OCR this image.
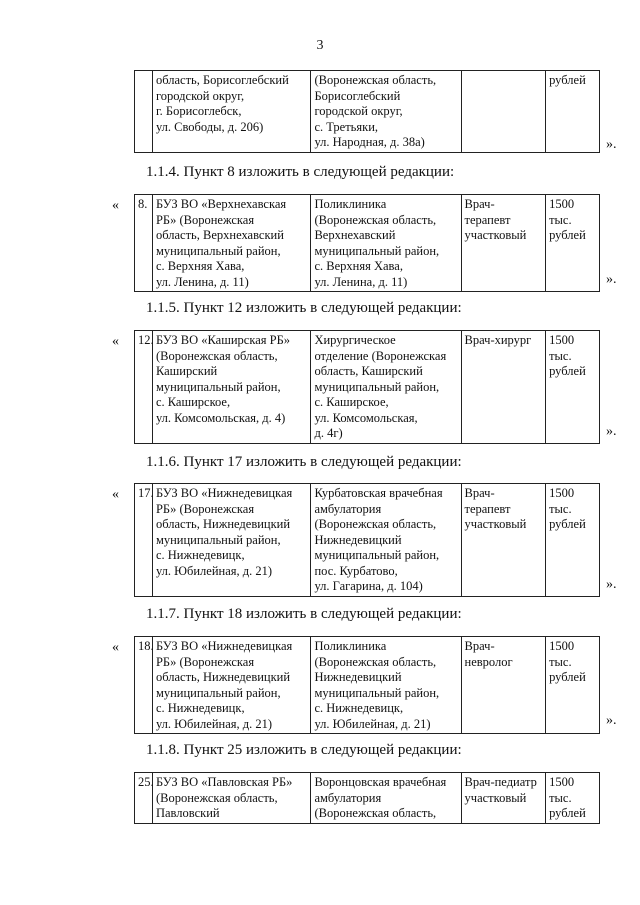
3
	область, Борисоглебский
городской округ,
г. Борисоглебск,
ул. Свободы, д. 206)	(Воронежская область,
Борисоглебский
городской округ,
с. Третьяки,
ул. Народная, д. 38а)		рублей
».
1.1.4. Пункт 8 изложить в следующей редакции:
« 8.	БУЗ ВО «Верхнехавская
РБ» (Воронежская
область, Верхнехавский
муниципальный район,
с. Верхняя Хава,
ул. Ленина, д. 11)	Поликлиника
(Воронежская область,
Верхнехавский
муниципальный район,
с. Верхняя Хава,
ул. Ленина, д. 11)	Врач-
терапевт
участковый	1500
тыс.
рублей
».
1.1.5. Пункт 12 изложить в следующей редакции:
« 12.	БУЗ ВО «Каширская РБ»
(Воронежская область,
Каширский
муниципальный район,
с. Каширское,
ул. Комсомольская, д. 4)	Хирургическое
отделение (Воронежская
область, Каширский
муниципальный район,
с. Каширское,
ул. Комсомольская,
д. 4г)	Врач-хирург	1500
тыс.
рублей
».
1.1.6. Пункт 17 изложить в следующей редакции:
« 17.	БУЗ ВО «Нижнедевицкая
РБ» (Воронежская
область, Нижнедевицкий
муниципальный район,
с. Нижнедевицк,
ул. Юбилейная, д. 21)	Курбатовская врачебная
амбулатория
(Воронежская область,
Нижнедевицкий
муниципальный район,
пос. Курбатово,
ул. Гагарина, д. 104)	Врач-
терапевт
участковый	1500
тыс.
рублей
».
1.1.7. Пункт 18 изложить в следующей редакции:
« 18.	БУЗ ВО «Нижнедевицкая
РБ» (Воронежская
область, Нижнедевицкий
муниципальный район,
с. Нижнедевицк,
ул. Юбилейная, д. 21)	Поликлиника
(Воронежская область,
Нижнедевицкий
муниципальный район,
с. Нижнедевицк,
ул. Юбилейная, д. 21)	Врач-
невролог	1500
тыс.
рублей
».
1.1.8. Пункт 25 изложить в следующей редакции:
25.	БУЗ ВО «Павловская РБ»
(Воронежская область,
Павловский	Воронцовская врачебная
амбулатория
(Воронежская область,	Врач-педиатр
участковый	1500
тыс.
рублей
